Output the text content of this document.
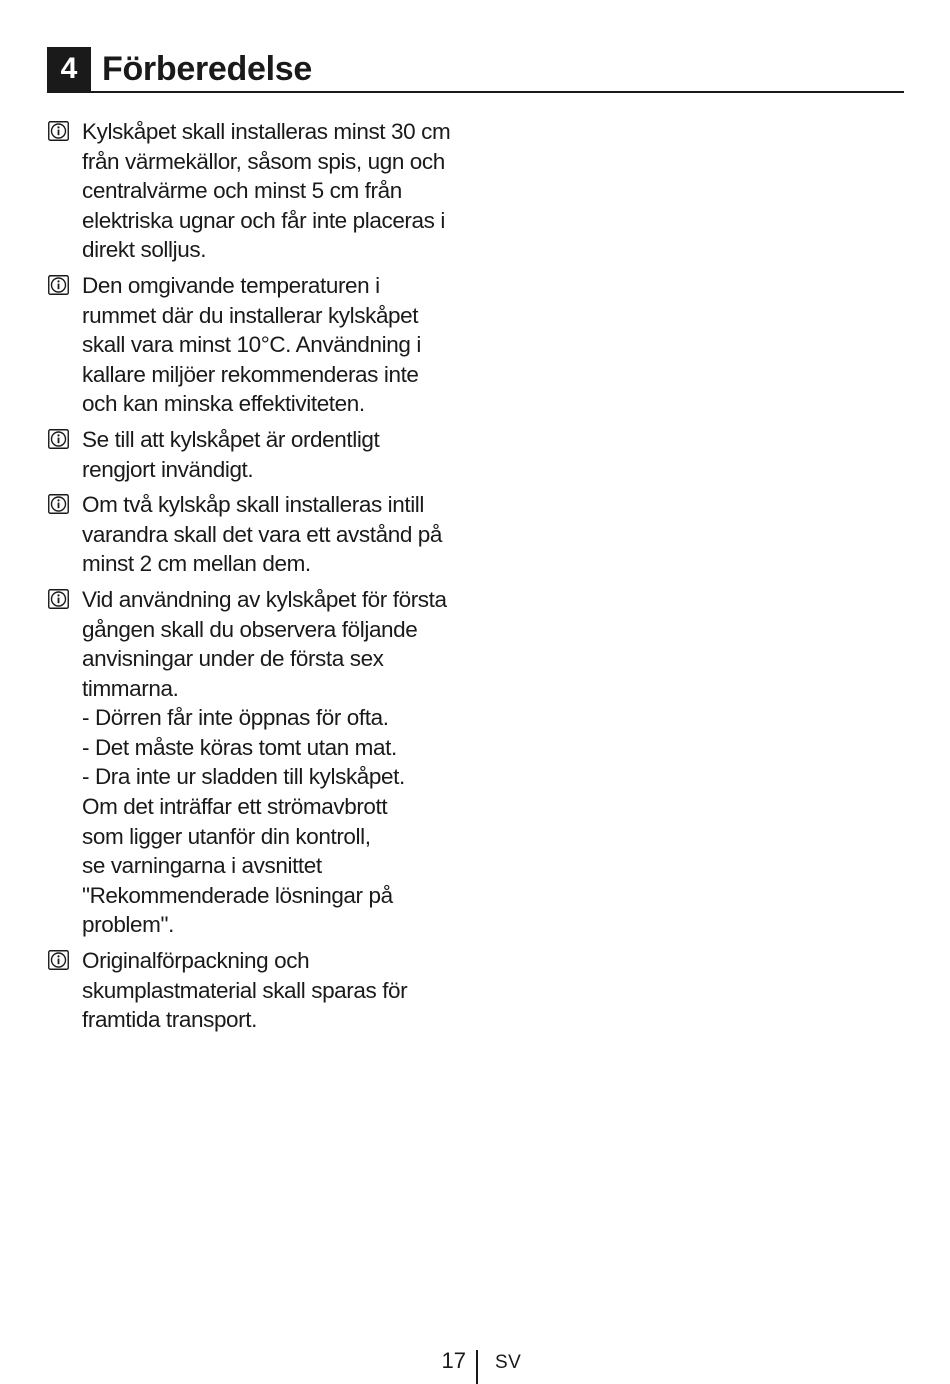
4 Förberedelse
Kylskåpet skall installeras minst 30 cm
från värmekällor, såsom spis, ugn och
centralvärme och minst 5 cm från
elektriska ugnar och får inte placeras i
direkt solljus.
Den omgivande temperaturen i
rummet där du installerar kylskåpet
skall vara minst 10°C. Användning i
kallare miljöer rekommenderas inte
och kan minska effektiviteten.
Se till att kylskåpet är ordentligt
rengjort invändigt.
Om två kylskåp skall installeras intill
varandra skall det vara ett avstånd på
minst 2 cm mellan dem.
Vid användning av kylskåpet för första
gången skall du observera följande
anvisningar under de första sex
timmarna.
- Dörren får inte öppnas för ofta.
- Det måste köras tomt utan mat.
- Dra inte ur sladden till kylskåpet.
Om det inträffar ett strömavbrott
som ligger utanför din kontroll,
se varningarna i avsnittet
"Rekommenderade lösningar på
problem".
Originalförpackning och
skumplastmaterial skall sparas för
framtida transport.
17 SV
